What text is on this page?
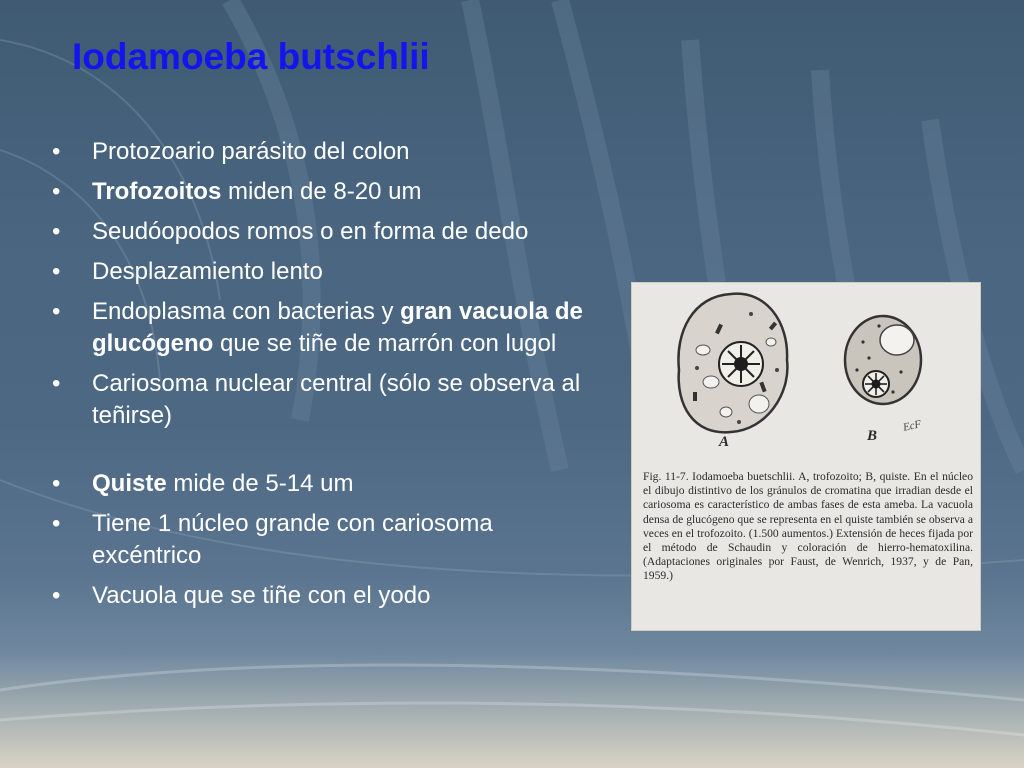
Iodamoeba butschlii
• Protozoario parásito del colon
• Trofozoitos miden de 8-20 um
• Seudóopodos romos o en forma de dedo
• Desplazamiento lento
• Endoplasma con bacterias y gran vacuola de glucógeno que se tiñe de marrón con lugol
• Cariosoma nuclear central (sólo se observa al teñirse)
• Quiste mide de 5-14 um
• Tiene 1 núcleo grande con cariosoma excéntrico
• Vacuola que se tiñe con el yodo
A	B
EcF

Fig. 11-7. Iodamoeba buetschlii. A, trofozoito; B, quiste. En el núcleo el dibujo distintivo de los gránulos de cromatina que irradian desde el cariosoma es característico de ambas fases de esta ameba. La vacuola densa de glucógeno que se representa en el quiste también se observa a veces en el trofozoito. (1.500 aumentos.) Extensión de heces fijada por el método de Schaudin y coloración de hierro-hematoxilina. (Adaptaciones originales por Faust, de Wenrich, 1937, y de Pan, 1959.)
